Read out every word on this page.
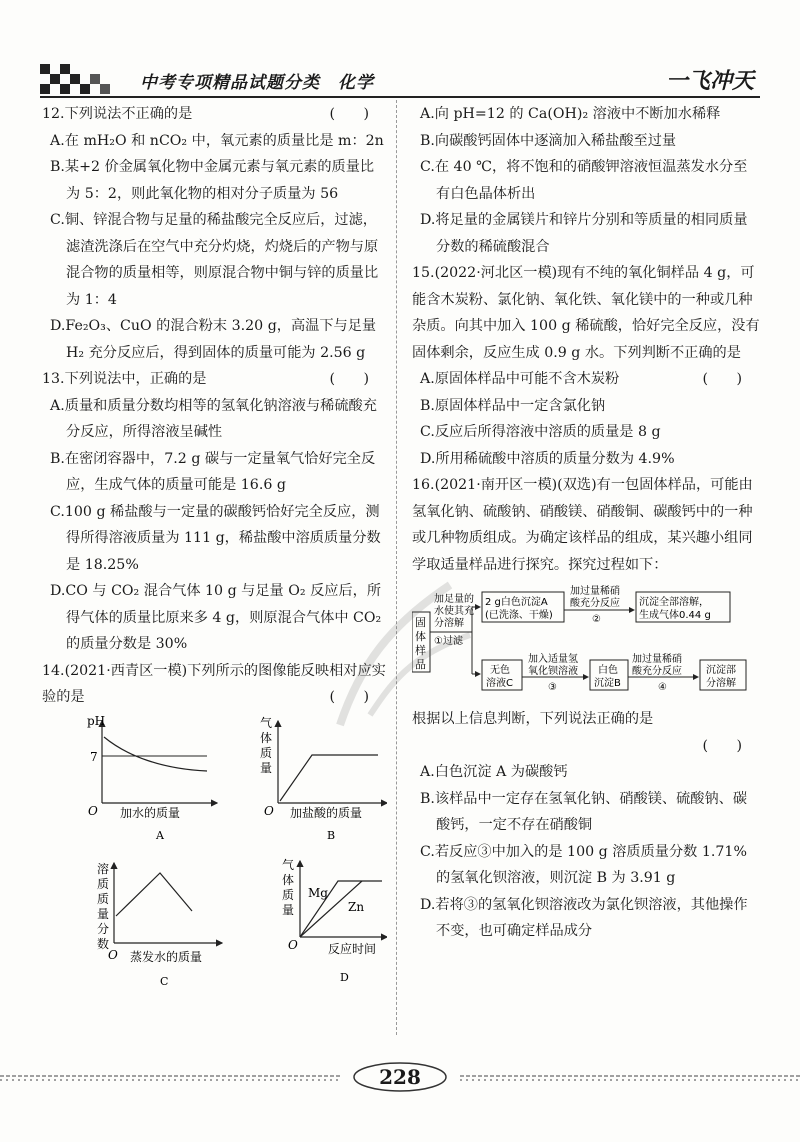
中考专项精品试题分类　化学	一飞冲天

(　　)
12.下列说法不正确的是

A.在 mH₂O 和 nCO₂ 中，氧元素的质量比是 m：2n

B.某+2 价金属氧化物中金属元素与氧元素的质量比为 5：2，则此氧化物的相对分子质量为 56

C.铜、锌混合物与足量的稀盐酸完全反应后，过滤，滤渣洗涤后在空气中充分灼烧，灼烧后的产物与原混合物的质量相等，则原混合物中铜与锌的质量比为 1：4

D.Fe₂O₃、CuO 的混合粉末 3.20 g，高温下与足量 H₂ 充分反应后，得到固体的质量可能为 2.56 g

(　　)
13.下列说法中，正确的是

A.质量和质量分数均相等的氢氧化钠溶液与稀硫酸充分反应，所得溶液呈碱性

B.在密闭容器中，7.2 g 碳与一定量氧气恰好完全反应，生成气体的质量可能是 16.6 g

C.100 g 稀盐酸与一定量的碳酸钙恰好完全反应，测得所得溶液质量为 111 g，稀盐酸中溶质质量分数是 18.25%

D.CO 与 CO₂ 混合气体 10 g 与足量 O₂ 反应后，所得气体的质量比原来多 4 g，则原混合气体中 CO₂ 的质量分数是 30%

14.(2021·西青区一模)下列所示的图像能反映相对应实验的是	(　　)

pH
7
O 加水的质量
A
气
体
质
量
O 加盐酸的质量
B
溶
质
质
量
分
数
O 蒸发水的质量
C
气
体
质
量
Mg
Zn
O	反应时间
D

A.向 pH=12 的 Ca(OH)₂ 溶液中不断加水稀释

B.向碳酸钙固体中逐滴加入稀盐酸至过量

C.在 40 ℃，将不饱和的硝酸钾溶液恒温蒸发水分至有白色晶体析出

D.将足量的金属镁片和锌片分别和等质量的相同质量分数的稀硫酸混合

15.(2022·河北区一模)现有不纯的氧化铜样品 4 g，可能含木炭粉、氯化钠、氧化铁、氧化镁中的一种或几种杂质。向其中加入 100 g 稀硫酸，恰好完全反应，没有固体剩余，反应生成 0.9 g 水。下列判断不正确的是
(　　)

A.原固体样品中可能不含木炭粉

B.原固体样品中一定含氯化钠

C.反应后所得溶液中溶质的质量是 8 g

D.所用稀硫酸中溶质的质量分数为 4.9%

16.(2021·南开区一模)(双选)有一包固体样品，可能由氢氧化钠、硫酸钠、硝酸镁、硝酸铜、碳酸钙中的一种或几种物质组成。为确定该样品的组成，某兴趣小组同学取适量样品进行探究。探究过程如下：

固
体
样
品
加足量的
水使其充
分溶解
①过滤
2 g白色沉淀A
(已洗涤、干燥)
加过量稀硝
酸充分反应
②
沉淀全部溶解，
生成气体0.44 g
无色
溶液C
加入适量氢
氧化钡溶液
③
白色
沉淀B
加过量稀硝
酸充分反应
④
沉淀部
分溶解

根据以上信息判断，下列说法正确的是

(　　)

A.白色沉淀 A 为碳酸钙

B.该样品中一定存在氢氧化钠、硝酸镁、硫酸钠、碳酸钙，一定不存在硝酸铜

C.若反应③中加入的是 100 g 溶质质量分数 1.71%的氢氧化钡溶液，则沉淀 B 为 3.91 g

D.若将③的氢氧化钡溶液改为氯化钡溶液，其他操作不变，也可确定样品成分

228
